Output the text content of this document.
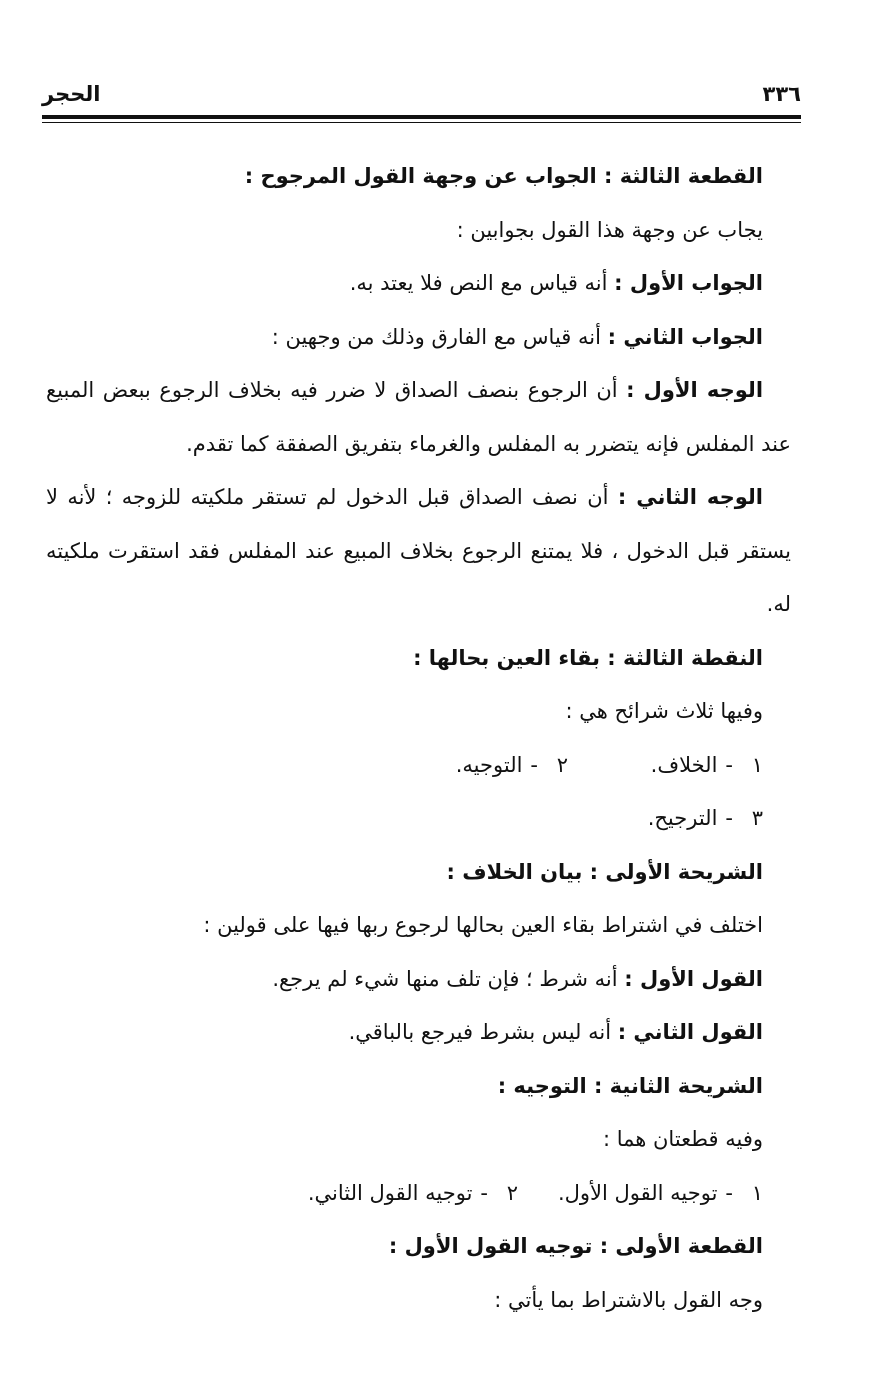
٣٣٦
الحجر

القطعة الثالثة : الجواب عن وجهة القول المرجوح :

يجاب عن وجهة هذا القول بجوابين :

الجواب الأول : أنه قياس مع النص فلا يعتد به.

الجواب الثاني : أنه قياس مع الفارق وذلك من وجهين :

الوجه الأول : أن الرجوع بنصف الصداق لا ضرر فيه بخلاف الرجوع ببعض المبيع عند المفلس فإنه يتضرر به المفلس والغرماء بتفريق الصفقة كما تقدم.

الوجه الثاني : أن نصف الصداق قبل الدخول لم تستقر ملكيته للزوجه ؛ لأنه لا يستقر قبل الدخول ، فلا يمتنع الرجوع بخلاف المبيع عند المفلس فقد استقرت ملكيته له.

النقطة الثالثة : بقاء العين بحالها :

وفيها ثلاث شرائح هي :

١-الخلاف.
٢-التوجيه.
٣-الترجيح.

الشريحة الأولى : بيان الخلاف :

اختلف في اشتراط بقاء العين بحالها لرجوع ربها فيها على قولين :

القول الأول : أنه شرط ؛ فإن تلف منها شيء لم يرجع.

القول الثاني : أنه ليس بشرط فيرجع بالباقي.

الشريحة الثانية : التوجيه :

وفيه قطعتان هما :

١-توجيه القول الأول.
٢-توجيه القول الثاني.

القطعة الأولى : توجيه القول الأول :

وجه القول بالاشتراط بما يأتي :
